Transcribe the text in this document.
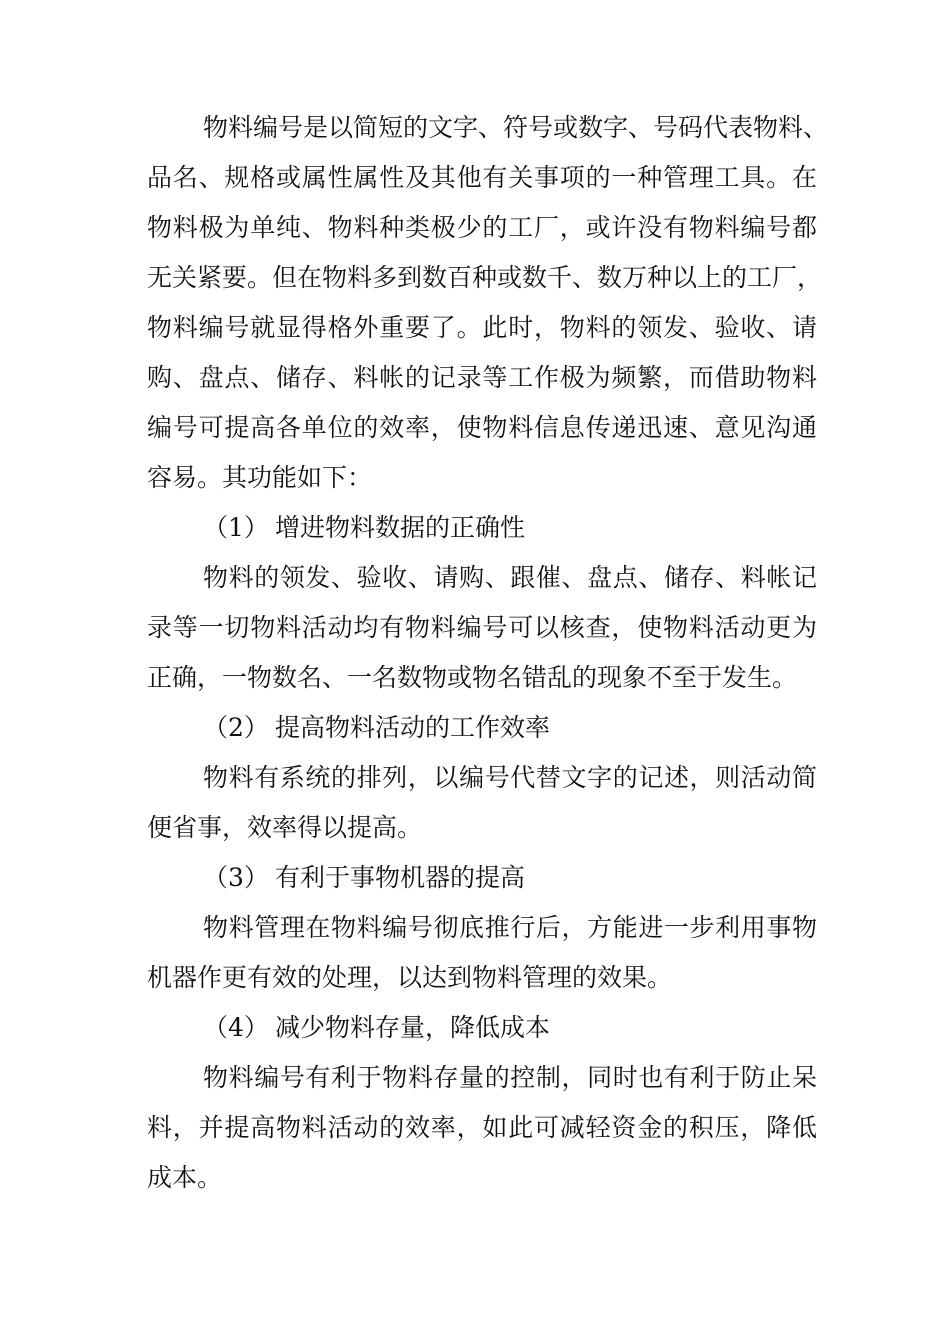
物料编号是以简短的文字、符号或数字、号码代表物料、
品名、规格或属性属性及其他有关事项的一种管理工具。在
物料极为单纯、物料种类极少的工厂，或许没有物料编号都
无关紧要。但在物料多到数百种或数千、数万种以上的工厂，
物料编号就显得格外重要了。此时，物料的领发、验收、请
购、盘点、储存、料帐的记录等工作极为频繁，而借助物料
编号可提高各单位的效率，使物料信息传递迅速、意见沟通
容易。其功能如下：
（1） 增进物料数据的正确性
物料的领发、验收、请购、跟催、盘点、储存、料帐记
录等一切物料活动均有物料编号可以核查，使物料活动更为
正确，一物数名、一名数物或物名错乱的现象不至于发生。
（2） 提高物料活动的工作效率
物料有系统的排列，以编号代替文字的记述，则活动简
便省事，效率得以提高。
（3） 有利于事物机器的提高
物料管理在物料编号彻底推行后，方能进一步利用事物
机器作更有效的处理，以达到物料管理的效果。
（4） 减少物料存量，降低成本
物料编号有利于物料存量的控制，同时也有利于防止呆
料，并提高物料活动的效率，如此可减轻资金的积压，降低
成本。
